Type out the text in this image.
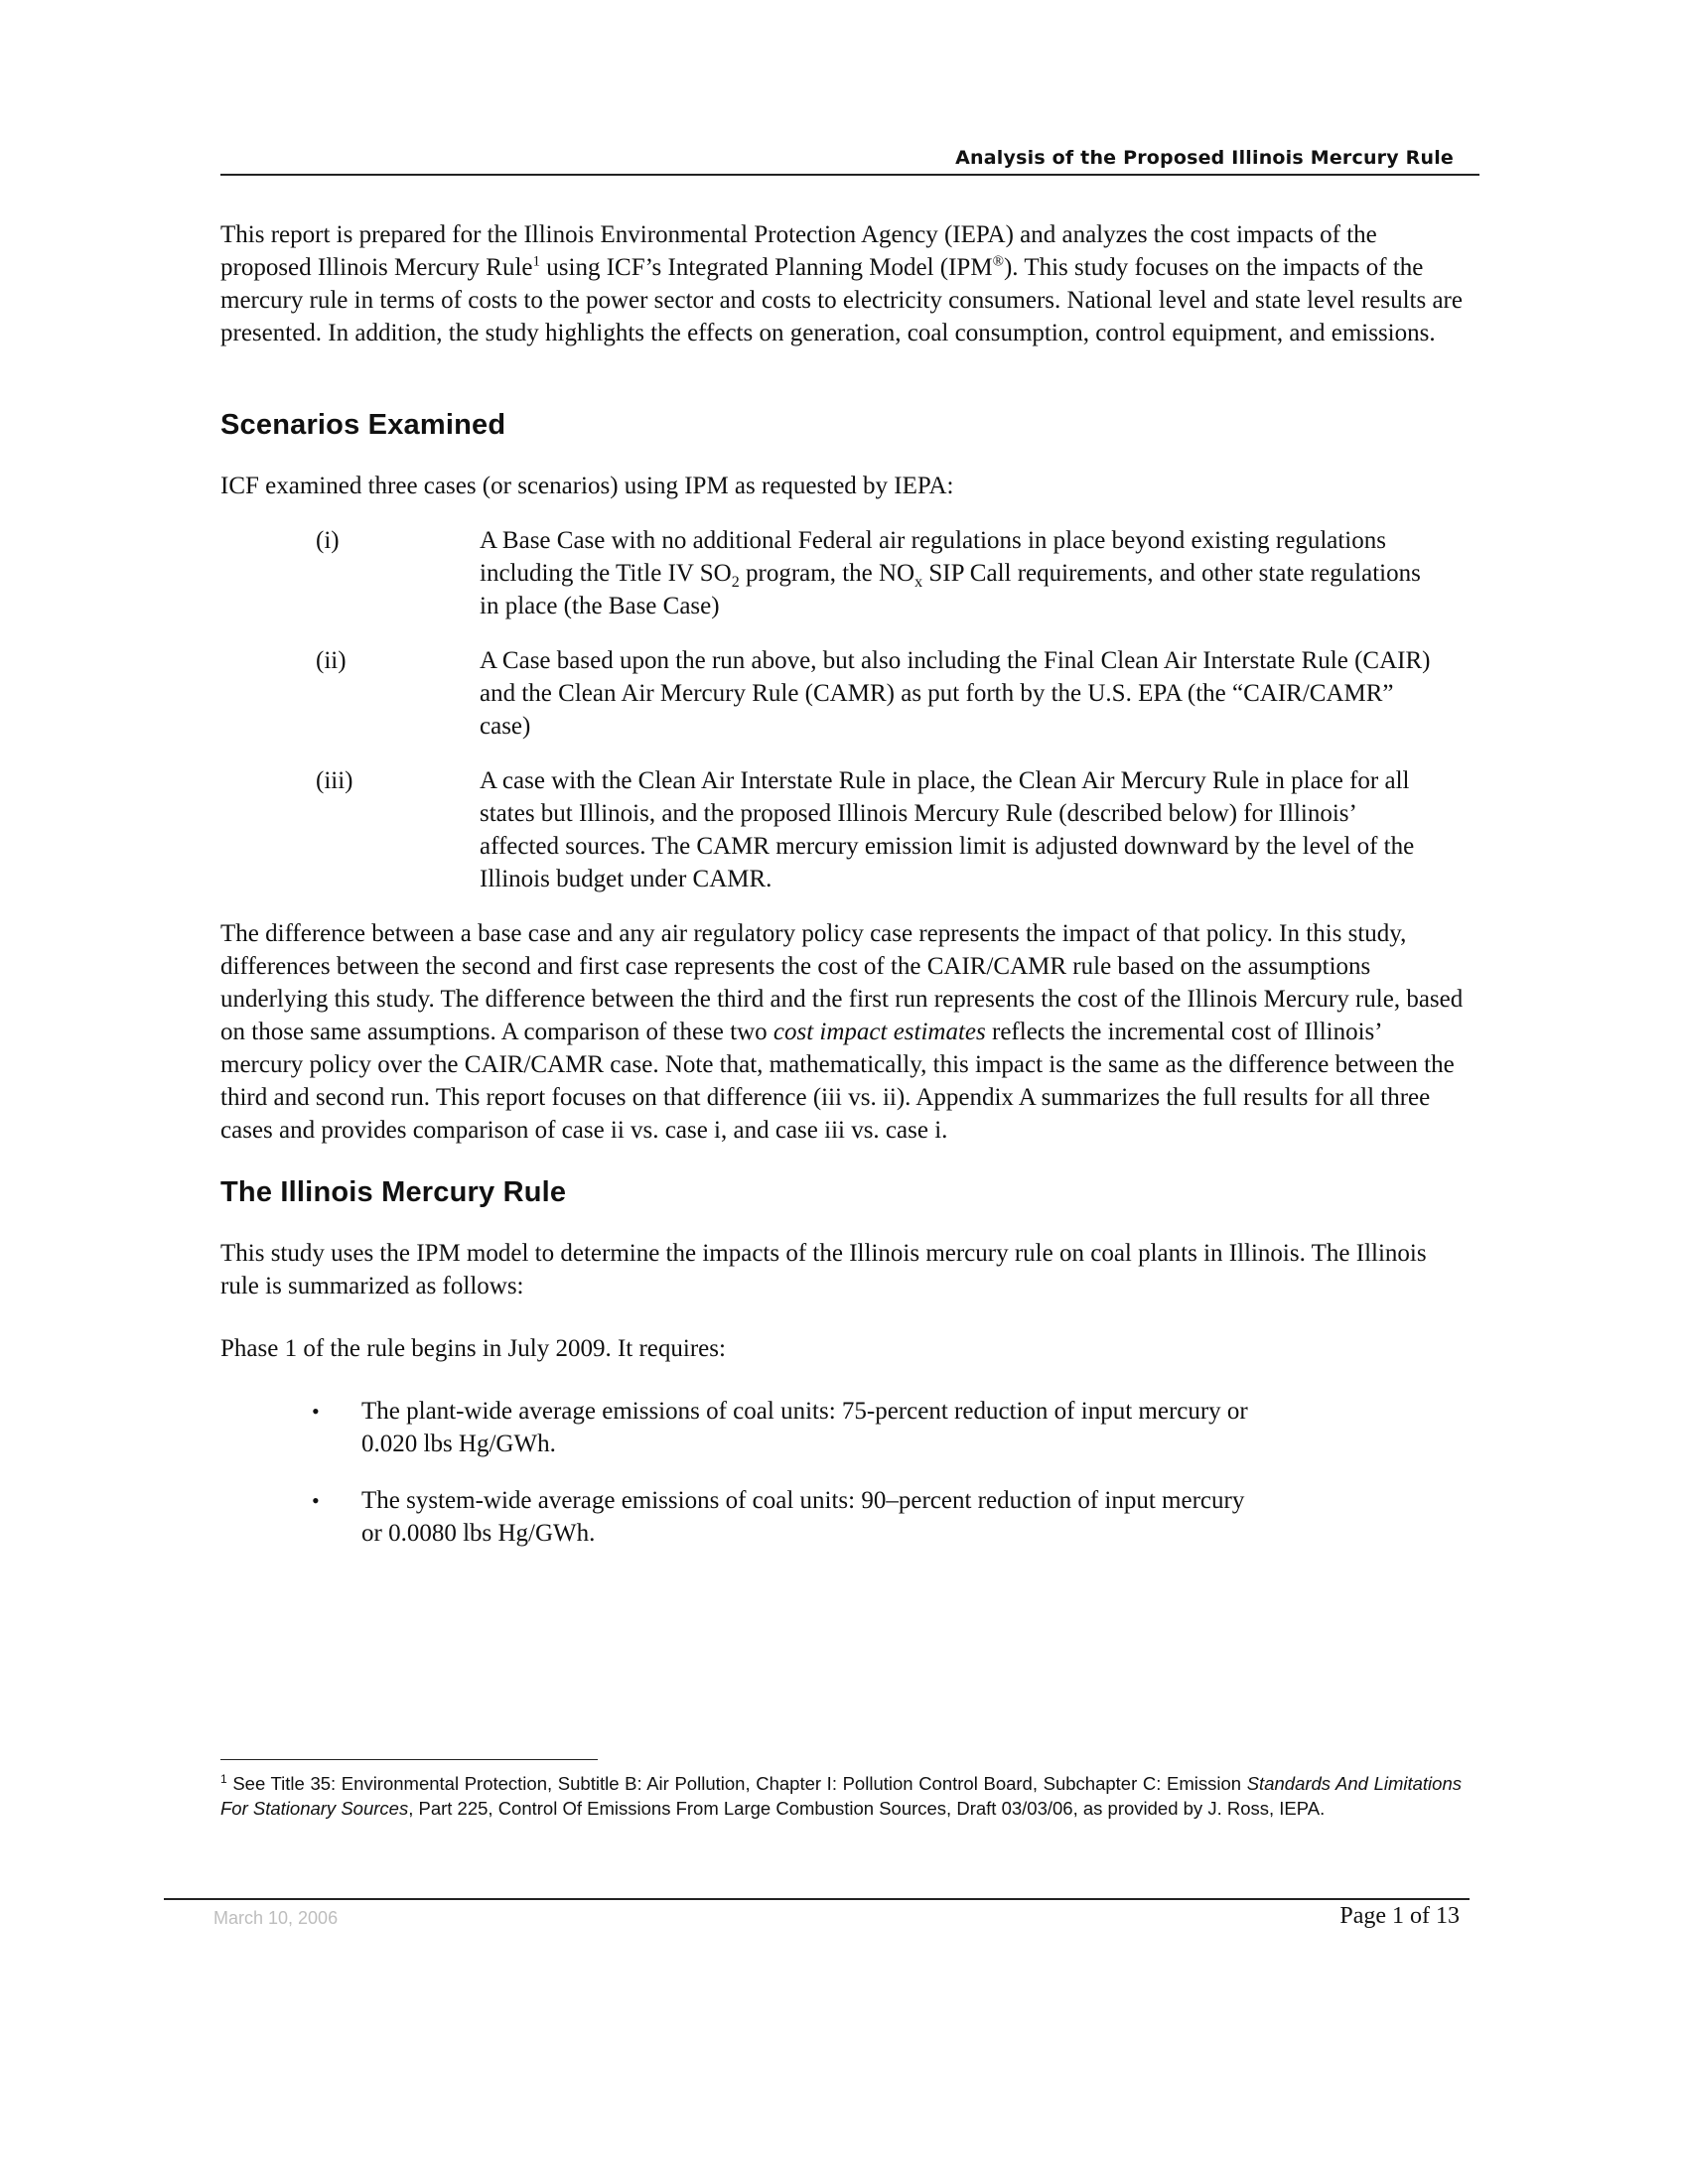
Analysis of the Proposed Illinois Mercury Rule

This report is prepared for the Illinois Environmental Protection Agency (IEPA) and analyzes the cost impacts of the proposed Illinois Mercury Rule$^1$ using ICF’s Integrated Planning Model (IPM®). This study focuses on the impacts of the mercury rule in terms of costs to the power sector and costs to electricity consumers. National level and state level results are presented. In addition, the study highlights the effects on generation, coal consumption, control equipment, and emissions.

Scenarios Examined

ICF examined three cases (or scenarios) using IPM as requested by IEPA:

(i)	A Base Case with no additional Federal air regulations in place beyond existing regulations including the Title IV $SO_2$ program, the $NO_x$ SIP Call requirements, and other state regulations in place (the Base Case)
(ii)	A Case based upon the run above, but also including the Final Clean Air Interstate Rule (CAIR) and the Clean Air Mercury Rule (CAMR) as put forth by the U.S. EPA (the “CAIR/CAMR” case)
(iii)	A case with the Clean Air Interstate Rule in place, the Clean Air Mercury Rule in place for all states but Illinois, and the proposed Illinois Mercury Rule (described below) for Illinois’ affected sources. The CAMR mercury emission limit is adjusted downward by the level of the Illinois budget under CAMR.

The difference between a base case and any air regulatory policy case represents the impact of that policy. In this study, differences between the second and first case represents the cost of the CAIR/CAMR rule based on the assumptions underlying this study. The difference between the third and the first run represents the cost of the Illinois Mercury rule, based on those same assumptions. A comparison of these two cost impact estimates reflects the incremental cost of Illinois’ mercury policy over the CAIR/CAMR case. Note that, mathematically, this impact is the same as the difference between the third and second run. This report focuses on that difference (iii vs. ii). Appendix A summarizes the full results for all three cases and provides comparison of case ii vs. case i, and case iii vs. case i.

The Illinois Mercury Rule

This study uses the IPM model to determine the impacts of the Illinois mercury rule on coal plants in Illinois. The Illinois rule is summarized as follows:

Phase 1 of the rule begins in July 2009. It requires:

•	The plant-wide average emissions of coal units: 75-percent reduction of input mercury or 0.020 lbs Hg/GWh.
•	The system-wide average emissions of coal units: 90–percent reduction of input mercury or 0.0080 lbs Hg/GWh.
$^1$ See Title 35: Environmental Protection, Subtitle B: Air Pollution, Chapter I: Pollution Control Board, Subchapter C: Emission Standards And Limitations For Stationary Sources, Part 225, Control Of Emissions From Large Combustion Sources, Draft 03/03/06, as provided by J. Ross, IEPA.
March 10, 2006	Page 1 of 13
